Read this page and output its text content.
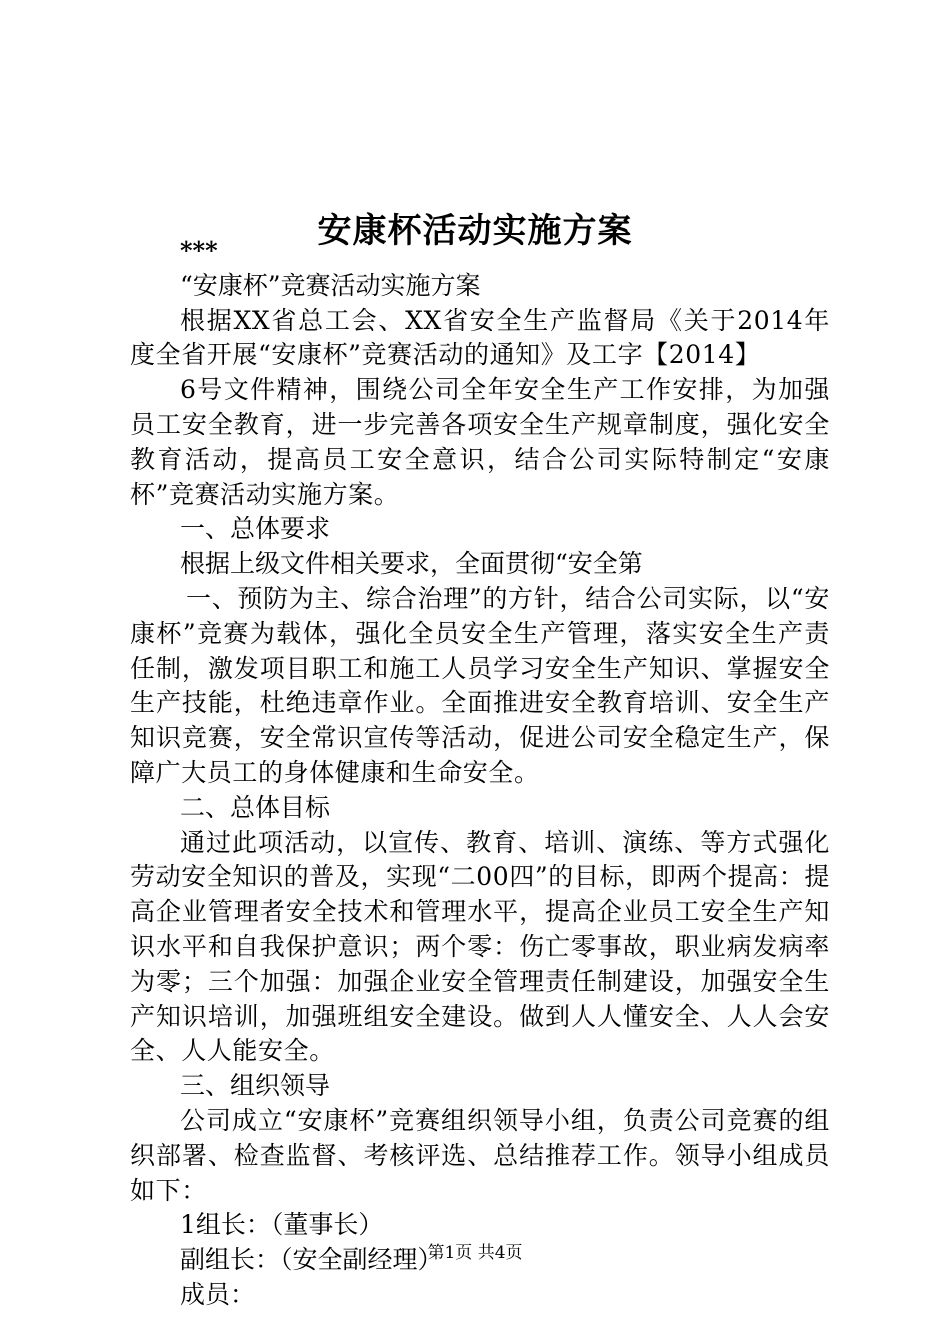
安康杯活动实施方案

***

“安康杯”竞赛活动实施方案

根据XX省总工会、XX省安全生产监督局《关于2014年度全省开展“安康杯”竞赛活动的通知》及工字【2014】

6号文件精神，围绕公司全年安全生产工作安排，为加强员工安全教育，进一步完善各项安全生产规章制度，强化安全教育活动，提高员工安全意识，结合公司实际特制定“安康杯”竞赛活动实施方案。

一、总体要求

根据上级文件相关要求，全面贯彻“安全第

一、预防为主、综合治理”的方针，结合公司实际，以“安康杯”竞赛为载体，强化全员安全生产管理，落实安全生产责任制，激发项目职工和施工人员学习安全生产知识、掌握安全生产技能，杜绝违章作业。全面推进安全教育培训、安全生产知识竞赛，安全常识宣传等活动，促进公司安全稳定生产，保障广大员工的身体健康和生命安全。

二、总体目标

通过此项活动，以宣传、教育、培训、演练、等方式强化劳动安全知识的普及，实现“二00四”的目标，即两个提高：提高企业管理者安全技术和管理水平，提高企业员工安全生产知识水平和自我保护意识；两个零：伤亡零事故，职业病发病率为零；三个加强：加强企业安全管理责任制建设，加强安全生产知识培训，加强班组安全建设。做到人人懂安全、人人会安全、人人能安全。

三、组织领导

公司成立“安康杯”竞赛组织领导小组，负责公司竞赛的组织部署、检查监督、考核评选、总结推荐工作。领导小组成员如下：

1组长：（董事长）

副组长：（安全副经理）

成员：

第1页 共4页
